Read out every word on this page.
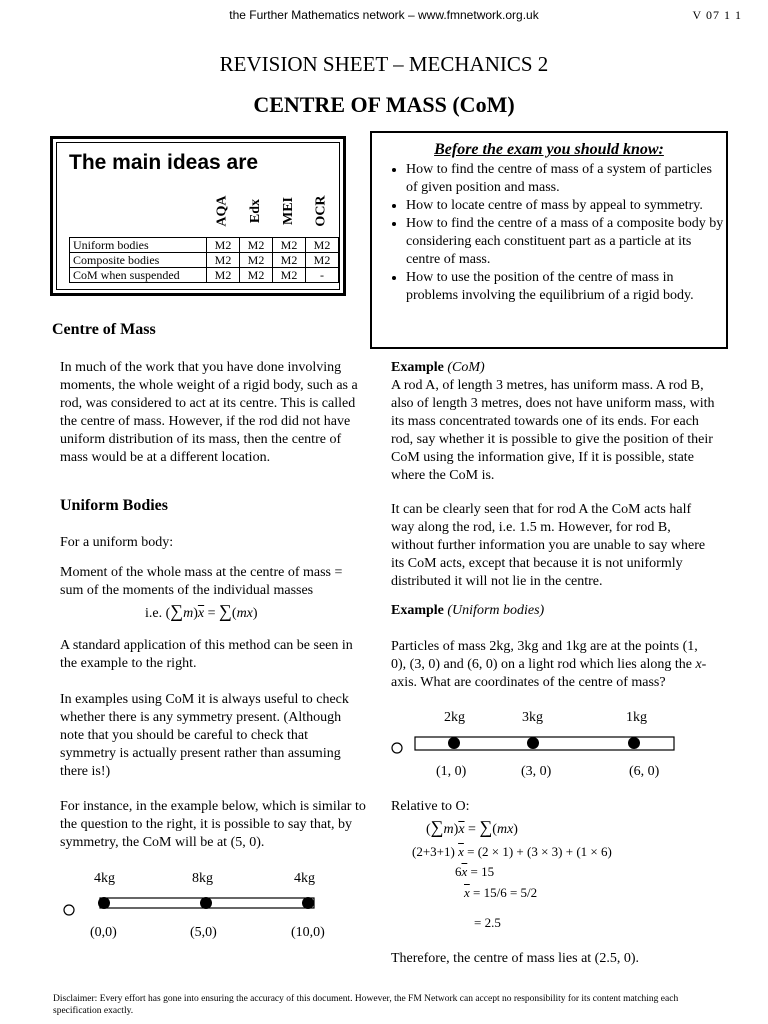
the Further Mathematics network – www.fmnetwork.org.uk	V 07 1 1
REVISION SHEET – MECHANICS 2
CENTRE OF MASS (CoM)
The main ideas are
	AQA	Edx	MEI	OCR
Uniform bodies	M2	M2	M2	M2
Composite bodies	M2	M2	M2	M2
CoM when suspended	M2	M2	M2	-
Before the exam you should know:
• How to find the centre of mass of a system of particles of given position and mass.
• How to locate centre of mass by appeal to symmetry.
• How to find the centre of a mass of a composite body by considering each constituent part as a particle at its centre of mass.
• How to use the position of the centre of mass in problems involving the equilibrium of a rigid body.
Centre of Mass
In much of the work that you have done involving moments, the whole weight of a rigid body, such as a rod, was considered to act at its centre. This is called the centre of mass. However, if the rod did not have uniform distribution of its mass, then the centre of mass would be at a different location.
Uniform Bodies
For a uniform body:
Moment of the whole mass at the centre of mass = sum of the moments of the individual masses
i.e. $(\sum m)\overline{x} = \sum(mx)$
A standard application of this method can be seen in the example to the right.
In examples using CoM it is always useful to check whether there is any symmetry present. (Although note that you should be careful to check that symmetry is actually present rather than assuming there is!)
For instance, in the example below, which is similar to the question to the right, it is possible to say that, by symmetry, the CoM will be at (5, 0).
4kg	8kg	4kg
(0,0)	(5,0)	(10,0)
Example (CoM)
A rod A, of length 3 metres, has uniform mass. A rod B, also of length 3 metres, does not have uniform mass, with its mass concentrated towards one of its ends. For each rod, say whether it is possible to give the position of their CoM using the information give, If it is possible, state where the CoM is.
It can be clearly seen that for rod A the CoM acts half way along the rod, i.e. 1.5 m. However, for rod B, without further information you are unable to say where its CoM acts, except that because it is not uniformly distributed it will not lie in the centre.
Example (Uniform bodies)
Particles of mass 2kg, 3kg and 1kg are at the points (1, 0), (3, 0) and (6, 0) on a light rod which lies along the x-axis. What are coordinates of the centre of mass?
2kg	3kg	1kg
(1, 0)	(3, 0)	(6, 0)
Relative to O:
$(\sum m)\overline{x} = \sum(mx)$
(2+3+1) $\overline{x} = (2 \times 1) + (3 \times 3) + (1 \times 6)$
$6\overline{x} = 15$
$\overline{x} = 15/6 = 5/2$
= 2.5
Therefore, the centre of mass lies at (2.5, 0).
Disclaimer: Every effort has gone into ensuring the accuracy of this document. However, the FM Network can accept no responsibility for its content matching each specification exactly.
